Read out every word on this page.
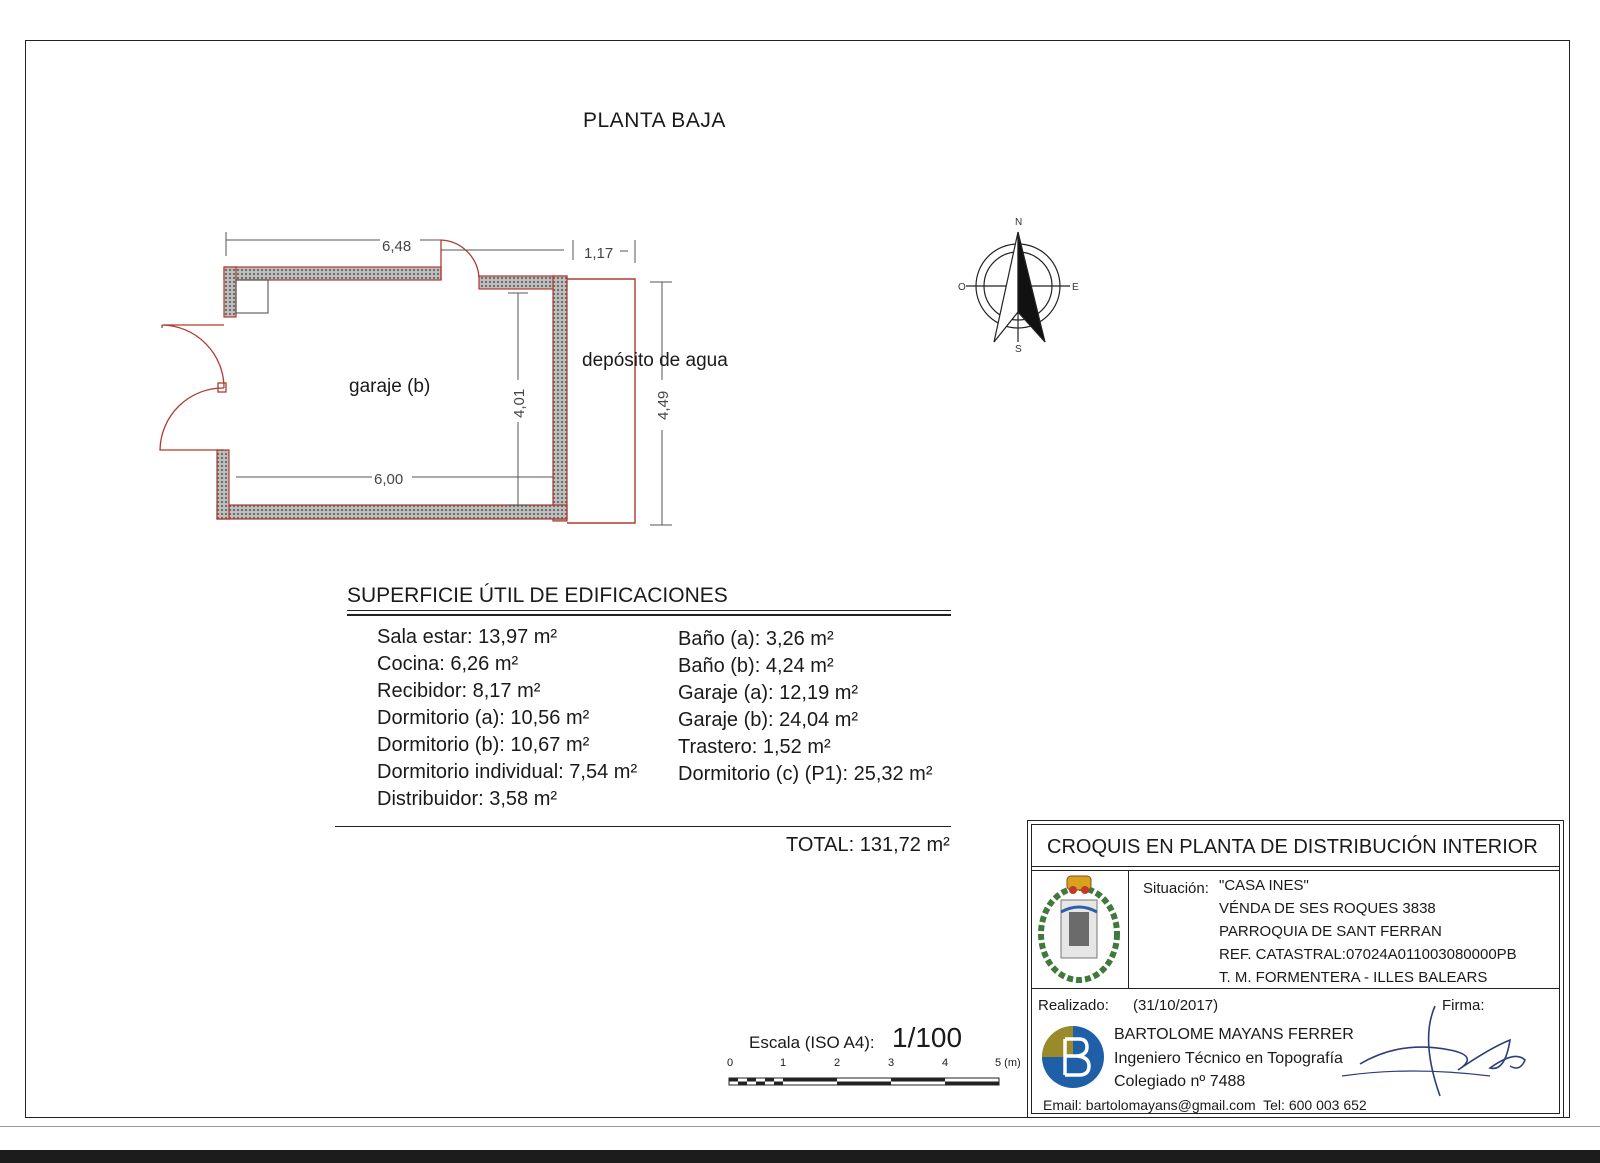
PLANTA BAJA
6,48	1,17
4,01	4,49
6,00
garaje (b)
depósito de agua
N
S
E
O
SUPERFICIE ÚTIL DE EDIFICACIONES
Sala estar: 13,97 m²
Cocina: 6,26 m²
Recibidor: 8,17 m²
Dormitorio (a): 10,56 m²
Dormitorio (b): 10,67 m²
Dormitorio individual: 7,54 m²
Distribuidor: 3,58 m²
Baño (a): 3,26 m²
Baño (b): 4,24 m²
Garaje (a): 12,19 m²
Garaje (b): 24,04 m²
Trastero: 1,52 m²
Dormitorio (c) (P1): 25,32 m²
TOTAL: 131,72 m²
Escala (ISO A4): 1/100
0	1	2	3	4	5 (m)
CROQUIS EN PLANTA DE DISTRIBUCIÓN INTERIOR
Situación: "CASA INES"
VÉNDA DE SES ROQUES 3838
PARROQUIA DE SANT FERRAN
REF. CATASTRAL:07024A011003080000PB
T. M. FORMENTERA - ILLES BALEARS
Realizado: (31/10/2017)	Firma:
BARTOLOME MAYANS FERRER
Ingeniero Técnico en Topografía
Colegiado nº 7488
Email: bartolomayans@gmail.com  Tel: 600 003 652
